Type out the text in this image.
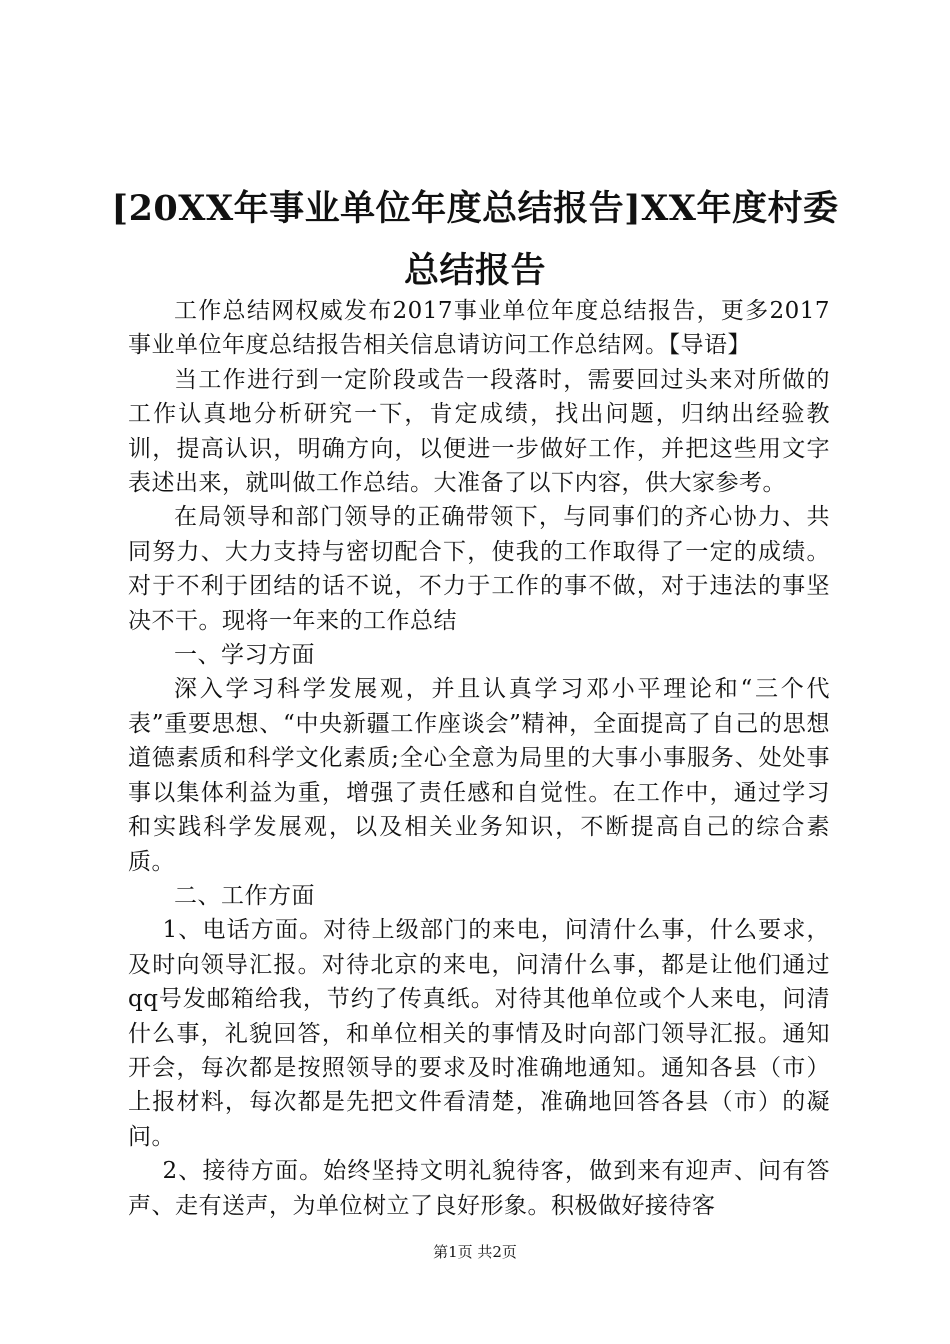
[20XX年事业单位年度总结报告]XX年度村委总结报告

工作总结网权威发布2017事业单位年度总结报告，更多2017事业单位年度总结报告相关信息请访问工作总结网。【导语】

当工作进行到一定阶段或告一段落时，需要回过头来对所做的工作认真地分析研究一下，肯定成绩，找出问题，归纳出经验教训，提高认识，明确方向，以便进一步做好工作，并把这些用文字表述出来，就叫做工作总结。大准备了以下内容，供大家参考。

在局领导和部门领导的正确带领下，与同事们的齐心协力、共同努力、大力支持与密切配合下，使我的工作取得了一定的成绩。对于不利于团结的话不说，不力于工作的事不做，对于违法的事坚决不干。现将一年来的工作总结

一、学习方面

深入学习科学发展观，并且认真学习邓小平理论和“三个代表”重要思想、“中央新疆工作座谈会”精神，全面提高了自己的思想道德素质和科学文化素质;全心全意为局里的大事小事服务、处处事事以集体利益为重，增强了责任感和自觉性。在工作中，通过学习和实践科学发展观，以及相关业务知识，不断提高自己的综合素质。

二、工作方面

1、电话方面。对待上级部门的来电，问清什么事，什么要求，及时向领导汇报。对待北京的来电，问清什么事，都是让他们通过qq号发邮箱给我，节约了传真纸。对待其他单位或个人来电，问清什么事，礼貌回答，和单位相关的事情及时向部门领导汇报。通知开会，每次都是按照领导的要求及时准确地通知。通知各县（市）上报材料，每次都是先把文件看清楚，准确地回答各县（市）的凝问。

2、接待方面。始终坚持文明礼貌待客，做到来有迎声、问有答声、走有送声，为单位树立了良好形象。积极做好接待客

第1页 共2页
